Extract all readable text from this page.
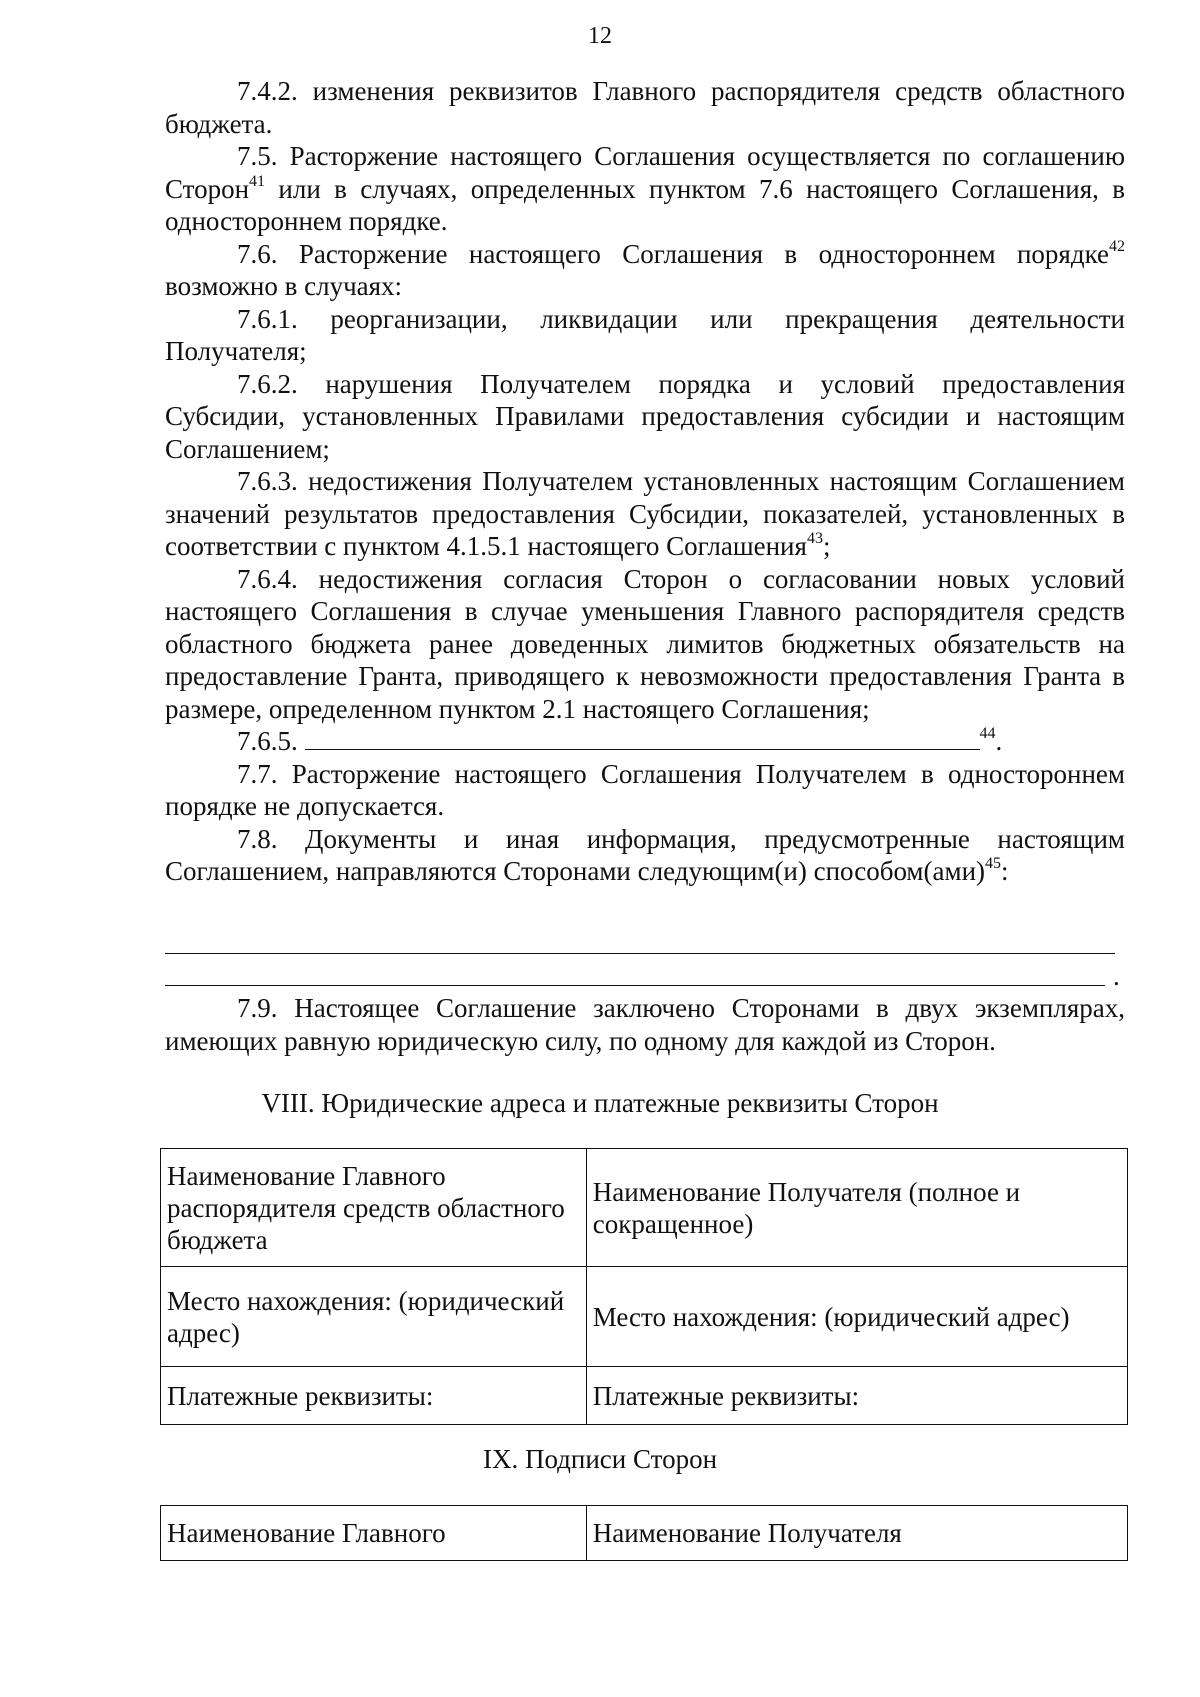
12

7.4.2. изменения реквизитов Главного распорядителя средств областного бюджета.

7.5. Расторжение настоящего Соглашения осуществляется по соглашению Сторон$^{41}$ или в случаях, определенных пунктом 7.6 настоящего Соглашения, в одностороннем порядке.

7.6. Расторжение настоящего Соглашения в одностороннем порядке$^{42}$ возможно в случаях:

7.6.1. реорганизации, ликвидации или прекращения деятельности Получателя;

7.6.2. нарушения Получателем порядка и условий предоставления Субсидии, установленных Правилами предоставления субсидии и настоящим Соглашением;

7.6.3. недостижения Получателем установленных настоящим Соглашением значений результатов предоставления Субсидии, показателей, установленных в соответствии с пунктом 4.1.5.1 настоящего Соглашения$^{43}$;

7.6.4. недостижения согласия Сторон о согласовании новых условий настоящего Соглашения в случае уменьшения Главного распорядителя средств областного бюджета ранее доведенных лимитов бюджетных обязательств на предоставление Гранта, приводящего к невозможности предоставления Гранта в размере, определенном пунктом 2.1 настоящего Соглашения;

7.6.5.	$^{44}$.

7.7. Расторжение настоящего Соглашения Получателем в одностороннем порядке не допускается.

7.8. Документы и иная информация, предусмотренные настоящим Соглашением, направляются Сторонами следующим(и) способом(ами)$^{45}$:

.

7.9. Настоящее Соглашение заключено Сторонами в двух экземплярах, имеющих равную юридическую силу, по одному для каждой из Сторон.

VIII. Юридические адреса и платежные реквизиты Сторон
Наименование Главного распорядителя средств областного бюджета	Наименование Получателя (полное и сокращенное)
Место нахождения: (юридический адрес)	Место нахождения: (юридический адрес)
Платежные реквизиты:	Платежные реквизиты:
IX. Подписи Сторон
Наименование Главного	Наименование Получателя
